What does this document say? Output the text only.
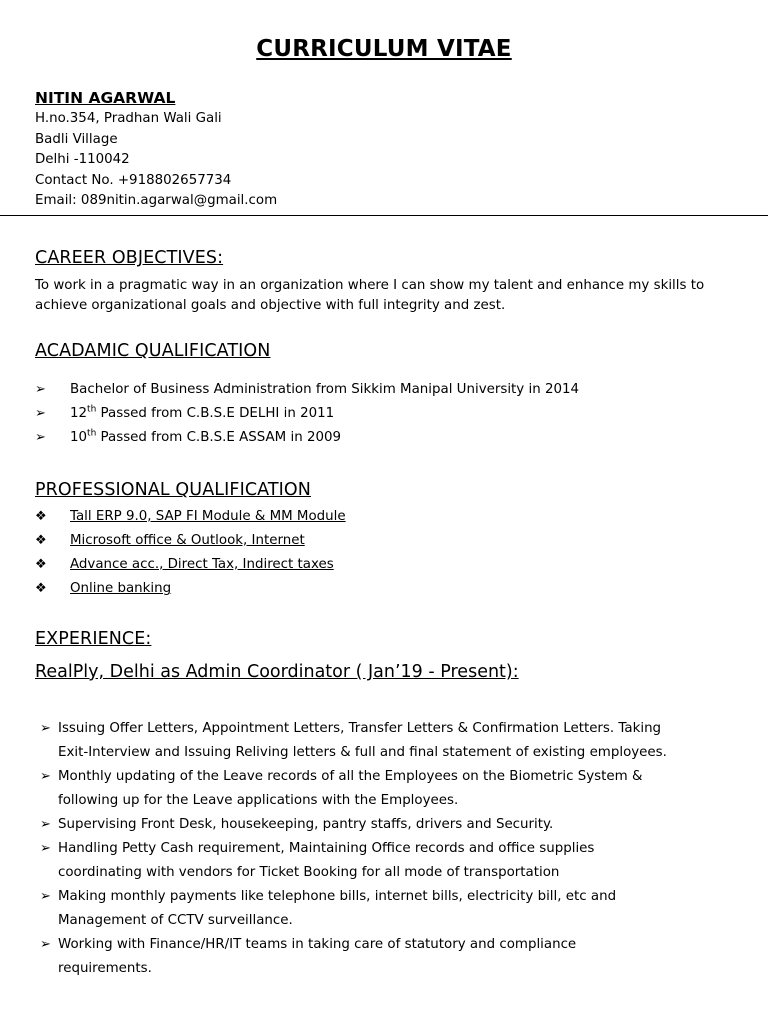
CURRICULUM VITAE
NITIN AGARWAL
H.no.354, Pradhan Wali Gali
Badli Village
Delhi -110042
Contact No. +918802657734
Email: 089nitin.agarwal@gmail.com
CAREER OBJECTIVES:
To work in a pragmatic way in an organization where I can show my talent and enhance my skills to achieve organizational goals and objective with full integrity and zest.
ACADAMIC QUALIFICATION
➢ Bachelor of Business Administration from Sikkim Manipal University in 2014
➢ 12th Passed from C.B.S.E DELHI in 2011
➢ 10th Passed from C.B.S.E ASSAM in 2009
PROFESSIONAL QUALIFICATION
❖ Tall ERP 9.0, SAP FI Module & MM Module
❖ Microsoft office & Outlook, Internet
❖ Advance acc., Direct Tax, Indirect taxes
❖ Online banking
EXPERIENCE:
RealPly, Delhi as Admin Coordinator ( Jan’19 - Present):
➢ Issuing Offer Letters, Appointment Letters, Transfer Letters & Confirmation Letters. Taking
Exit-Interview and Issuing Reliving letters & full and final statement of existing employees.
➢ Monthly updating of the Leave records of all the Employees on the Biometric System &
following up for the Leave applications with the Employees.
➢ Supervising Front Desk, housekeeping, pantry staffs, drivers and Security.
➢ Handling Petty Cash requirement, Maintaining Office records and office supplies
coordinating with vendors for Ticket Booking for all mode of transportation
➢ Making monthly payments like telephone bills, internet bills, electricity bill, etc and
Management of CCTV surveillance.
➢ Working with Finance/HR/IT teams in taking care of statutory and compliance
requirements.
